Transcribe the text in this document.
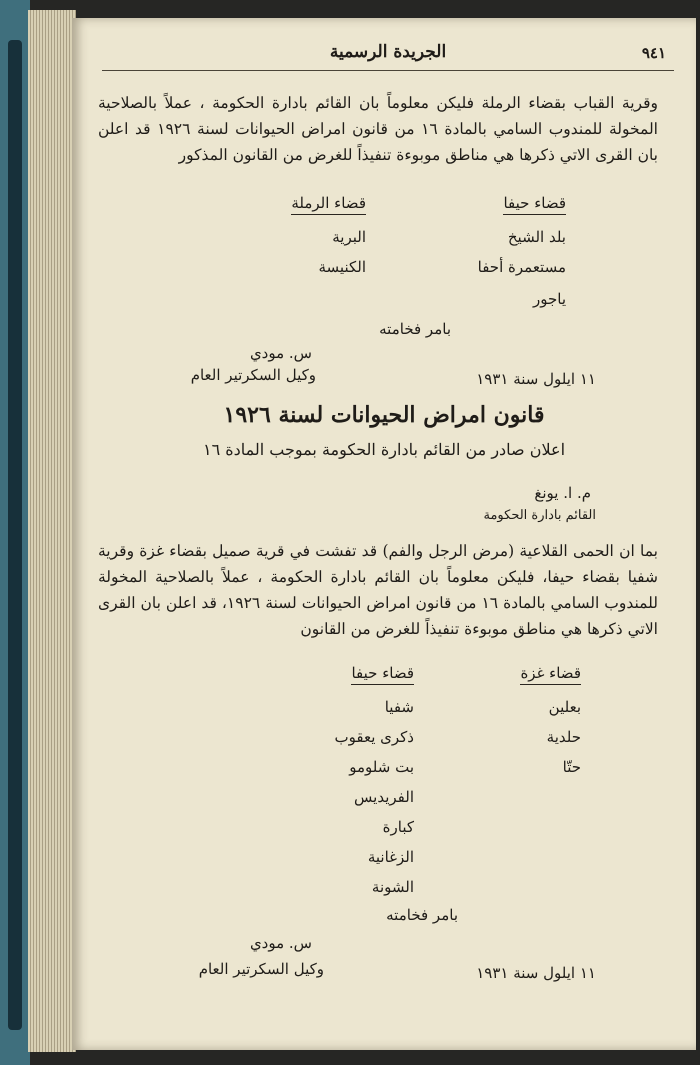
٩٤١
الجريدة الرسمية
وقرية القباب بقضاء الرملة فليكن معلوماً بان القائم بادارة الحكومة ، عملاً بالصلاحية المخولة للمندوب السامي بالمادة ١٦ من قانون امراض الحيوانات لسنة ١٩٢٦ قد اعلن بان القرى الاتي ذكرها هي مناطق موبوءة تنفيذاً للغرض من القانون المذكور
قضاء حيفا
قضاء الرملة
بلد الشيخ
مستعمرة أحفا
ياجور
البرية
الكنيسة
بامر فخامته
س. مودي
وكيل السكرتير العام	١١ ايلول سنة ١٩٣١
قانون امراض الحيوانات لسنة ١٩٢٦
اعلان صادر من القائم بادارة الحكومة بموجب المادة ١٦
م. ا. يونغ
القائم بادارة الحكومة
بما ان الحمى القلاعية (مرض الرجل والفم) قد تفشت في قرية صميل بقضاء غزة وقرية شفيا بقضاء حيفا، فليكن معلوماً بان القائم بادارة الحكومة ، عملاً بالصلاحية المخولة للمندوب السامي بالمادة ١٦ من قانون امراض الحيوانات لسنة ١٩٢٦، قد اعلن بان القرى الاتي ذكرها هي مناطق موبوءة تنفيذاً للغرض من القانون
قضاء غزة
قضاء حيفا
بعلين
حلدية
حتّا
شفيا
ذكرى يعقوب
بت شلومو
الفريديس
كبارة
الزغانية
الشونة
بامر فخامته
س. مودي
وكيل السكرتير العام	١١ ايلول سنة ١٩٣١
